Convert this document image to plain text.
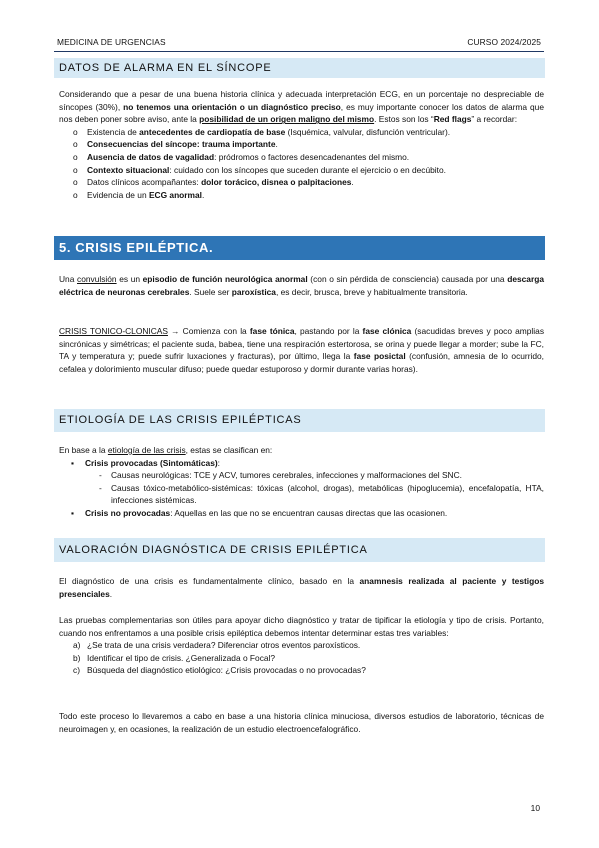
MEDICINA DE URGENCIAS	CURSO 2024/2025
DATOS DE ALARMA EN EL SÍNCOPE

Considerando que a pesar de una buena historia clínica y adecuada interpretación ECG, en un porcentaje no despreciable de síncopes (30%), no tenemos una orientación o un diagnóstico preciso, es muy importante conocer los datos de alarma que nos deben poner sobre aviso, ante la posibilidad de un origen maligno del mismo. Estos son los “Red flags” a recordar:

o Existencia de antecedentes de cardiopatía de base (Isquémica, valvular, disfunción ventricular).
o Consecuencias del síncope: trauma importante.
o Ausencia de datos de vagalidad: pródromos o factores desencadenantes del mismo.
o Contexto situacional: cuidado con los síncopes que suceden durante el ejercicio o en decúbito.
o Datos clínicos acompañantes: dolor torácico, disnea o palpitaciones.
o Evidencia de un ECG anormal.
5. CRISIS EPILÉPTICA.

Una convulsión es un episodio de función neurológica anormal (con o sin pérdida de consciencia) causada por una descarga eléctrica de neuronas cerebrales. Suele ser paroxística, es decir, brusca, breve y habitualmente transitoria.

CRISIS TONICO-CLONICAS → Comienza con la fase tónica, pastando por la fase clónica (sacudidas breves y poco amplias sincrónicas y simétricas; el paciente suda, babea, tiene una respiración estertorosa, se orina y puede llegar a morder; sube la FC, TA y temperatura y; puede sufrir luxaciones y fracturas), por último, llega la fase posictal (confusión, amnesia de lo ocurrido, cefalea y dolorimiento muscular difuso; puede quedar estuporoso y dormir durante varias horas).

ETIOLOGÍA DE LAS CRISIS EPILÉPTICAS

En base a la etiología de las crisis, estas se clasifican en:

▪ Crisis provocadas (Sintomáticas):
- Causas neurológicas: TCE y ACV, tumores cerebrales, infecciones y malformaciones del SNC.
- Causas tóxico-metabólico-sistémicas: tóxicas (alcohol, drogas), metabólicas (hipoglucemia), encefalopatía, HTA, infecciones sistémicas.
▪ Crisis no provocadas: Aquellas en las que no se encuentran causas directas que las ocasionen.
VALORACIÓN DIAGNÓSTICA DE CRISIS EPILÉPTICA

El diagnóstico de una crisis es fundamentalmente clínico, basado en la anamnesis realizada al paciente y testigos presenciales.

Las pruebas complementarias son útiles para apoyar dicho diagnóstico y tratar de tipificar la etiología y tipo de crisis. Portanto, cuando nos enfrentamos a una posible crisis epiléptica debemos intentar determinar estas tres variables:

a) ¿Se trata de una crisis verdadera? Diferenciar otros eventos paroxísticos.
b) Identificar el tipo de crisis. ¿Generalizada o Focal?
c) Búsqueda del diagnóstico etiológico: ¿Crisis provocadas o no provocadas?

Todo este proceso lo llevaremos a cabo en base a una historia clínica minuciosa, diversos estudios de laboratorio, técnicas de neuroimagen y, en ocasiones, la realización de un estudio electroencefalográfico.

10
